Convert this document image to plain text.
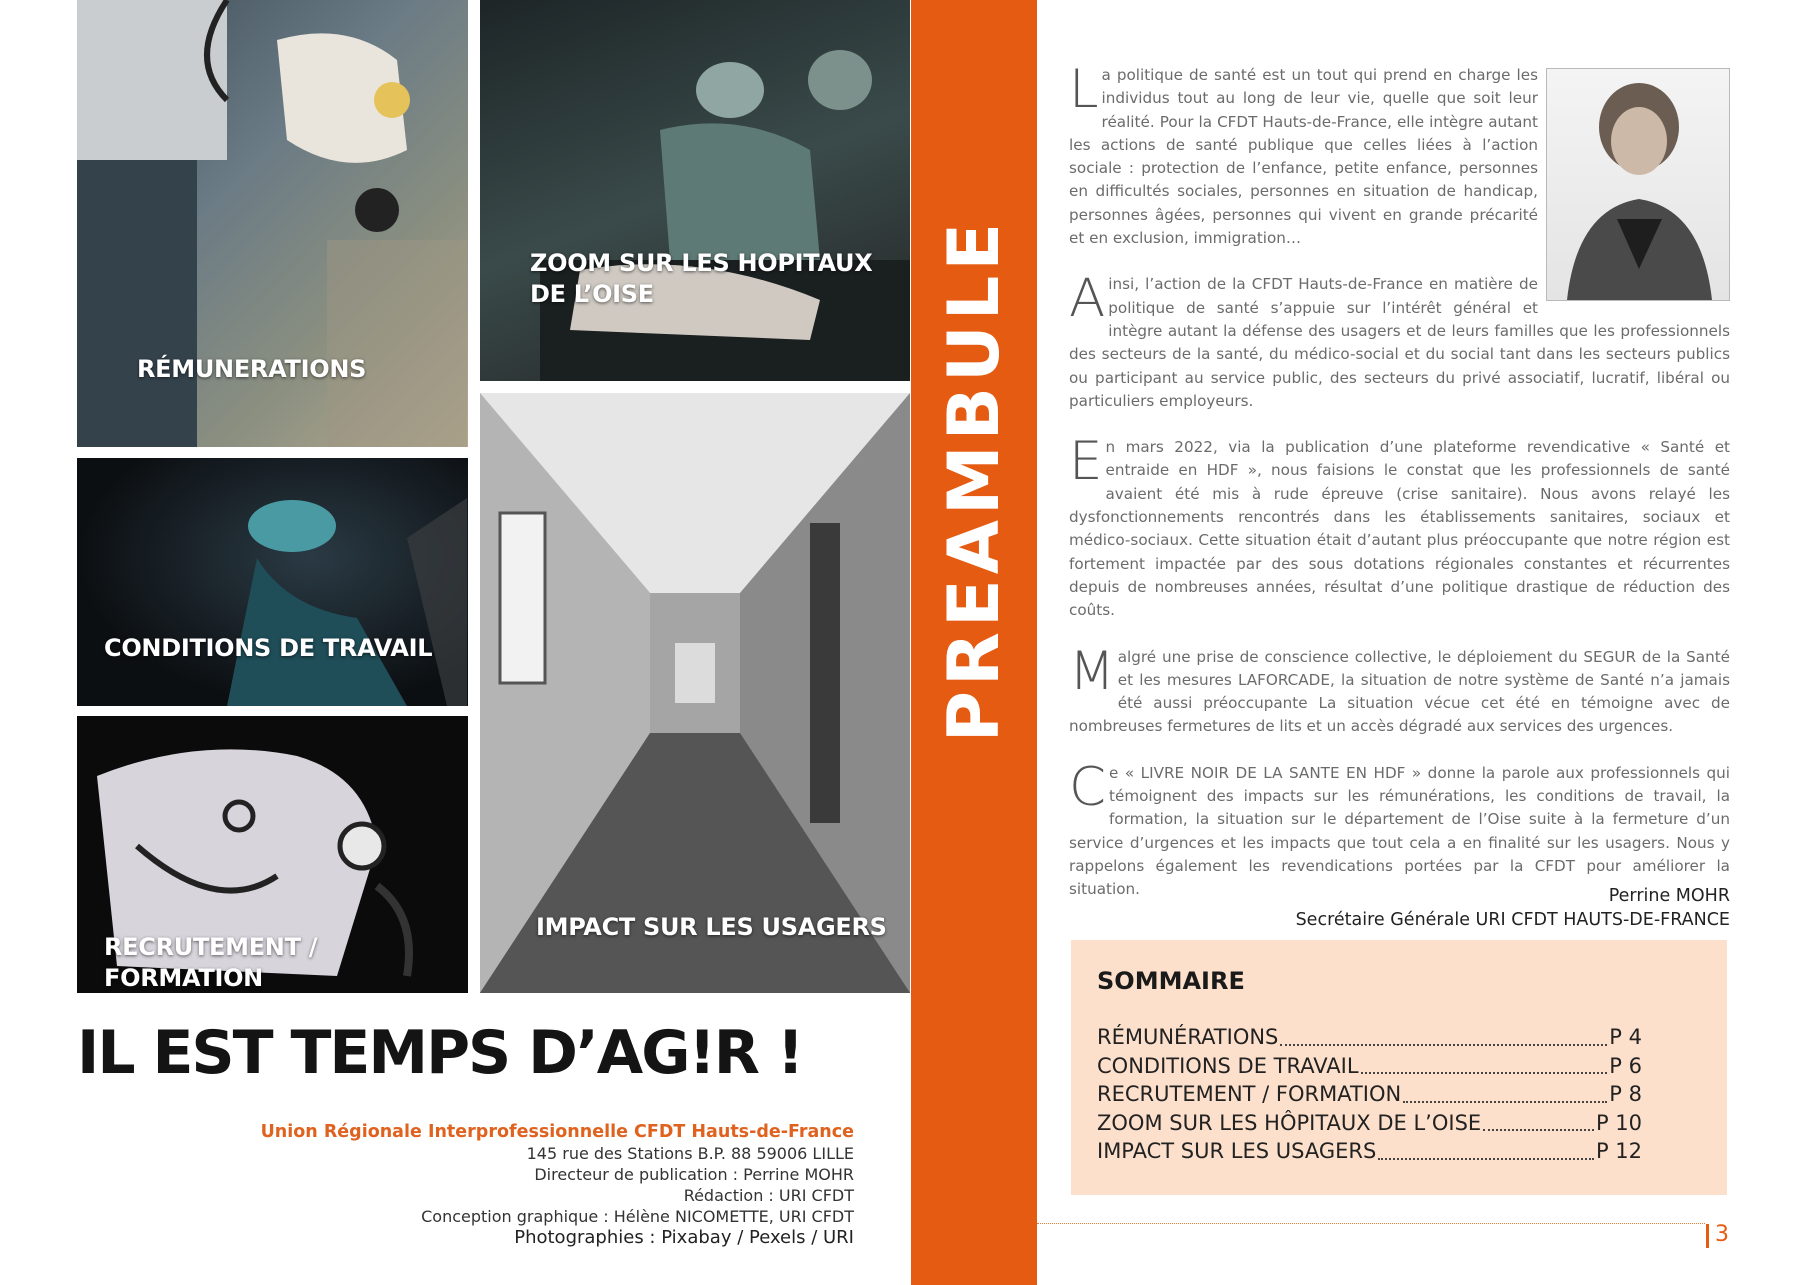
RÉMUNERATIONS
ZOOM SUR LES HOPITAUX
DE L’OISE
CONDITIONS DE TRAVAIL
RECRUTEMENT / FORMATION
IMPACT SUR LES USAGERS
IL EST TEMPS D’AG!R !
Union Régionale Interprofessionnelle CFDT Hauts-de-France
145 rue des Stations B.P. 88 59006 LILLE
Directeur de publication : Perrine MOHR
Rédaction : URI CFDT
Conception graphique : Hélène NICOMETTE, URI CFDT
Photographies : Pixabay / Pexels / URI
PREAMBULE

La politique de santé est un tout qui prend en charge les individus tout au long de leur vie, quelle que soit leur réalité. Pour la CFDT Hauts-de-France, elle intègre autant les actions de santé publique que celles liées à l’action sociale : protection de l’enfance, petite enfance, personnes en difficultés sociales, personnes en situation de handicap, personnes âgées, personnes qui vivent en grande précarité et en exclusion, immigration…

Ainsi, l’action de la CFDT Hauts-de-France en matière de politique de santé s’appuie sur l’intérêt général et intègre autant la défense des usagers et de leurs familles que les professionnels des secteurs de la santé, du médico-social et du social tant dans les secteurs publics ou participant au service public, des secteurs du privé associatif, lucratif, libéral ou particuliers employeurs.

En mars 2022, via la publication d’une plateforme revendicative « Santé et entraide en HDF », nous faisions le constat que les professionnels de santé avaient été mis à rude épreuve (crise sanitaire). Nous avons relayé les dysfonctionnements rencontrés dans les établissements sanitaires, sociaux et médico-sociaux. Cette situation était d’autant plus préoccupante que notre région est fortement impactée par des sous dotations régionales constantes et récurrentes depuis de nombreuses années, résultat d’une politique drastique de réduction des coûts.

Malgré une prise de conscience collective, le déploiement du SEGUR de la Santé et les mesures LAFORCADE, la situation de notre système de Santé n’a jamais été aussi préoccupante La situation vécue cet été en témoigne avec de nombreuses fermetures de lits et un accès dégradé aux services des urgences.

Ce « LIVRE NOIR DE LA SANTE EN HDF » donne la parole aux professionnels qui témoignent des impacts sur les rémunérations, les conditions de travail, la formation, la situation sur le département de l’Oise suite à la fermeture d’un service d’urgences et les impacts que tout cela a en finalité sur les usagers. Nous y rappelons également les revendications portées par la CFDT pour améliorer la situation.	Perrine MOHR
Secrétaire Générale URI CFDT HAUTS-DE-FRANCE
SOMMAIRE
RÉMUNÉRATIONS	P 4
CONDITIONS DE TRAVAIL	P 6
RECRUTEMENT / FORMATION	P 8
ZOOM SUR LES HÔPITAUX DE L’OISE	P 10
IMPACT SUR LES USAGERS	P 12
3
